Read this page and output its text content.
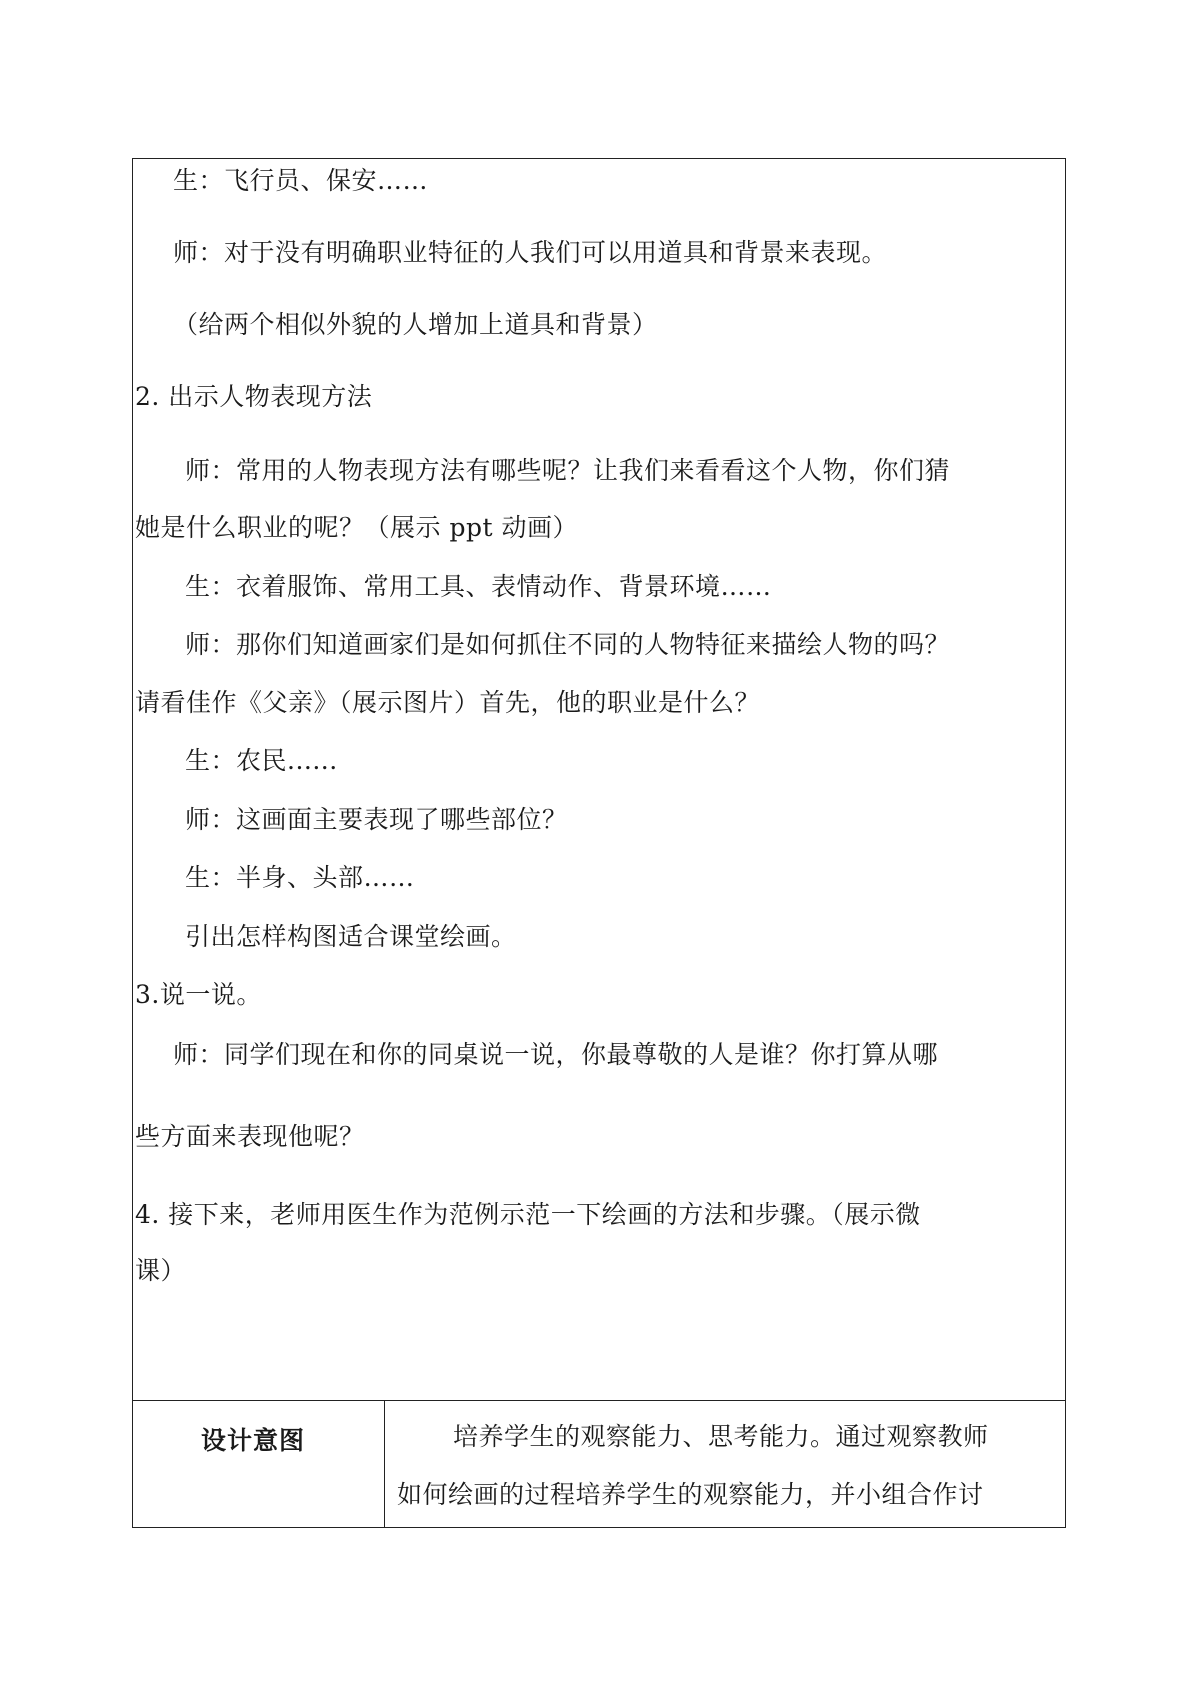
生：飞行员、保安……
师：对于没有明确职业特征的人我们可以用道具和背景来表现。
（给两个相似外貌的人增加上道具和背景）
2. 出示人物表现方法
师：常用的人物表现方法有哪些呢？让我们来看看这个人物，你们猜
她是什么职业的呢？（展示 ppt 动画）
生：衣着服饰、常用工具、表情动作、背景环境……
师：那你们知道画家们是如何抓住不同的人物特征来描绘人物的吗？
请看佳作《父亲》（展示图片）首先，他的职业是什么？
生：农民......
师：这画面主要表现了哪些部位？
生：半身、头部……
引出怎样构图适合课堂绘画。
3.说一说。
师：同学们现在和你的同桌说一说，你最尊敬的人是谁？你打算从哪
些方面来表现他呢？
4. 接下来，老师用医生作为范例示范一下绘画的方法和步骤。（展示微
课）
设计意图	培养学生的观察能力、思考能力。通过观察教师
如何绘画的过程培养学生的观察能力，并小组合作讨
